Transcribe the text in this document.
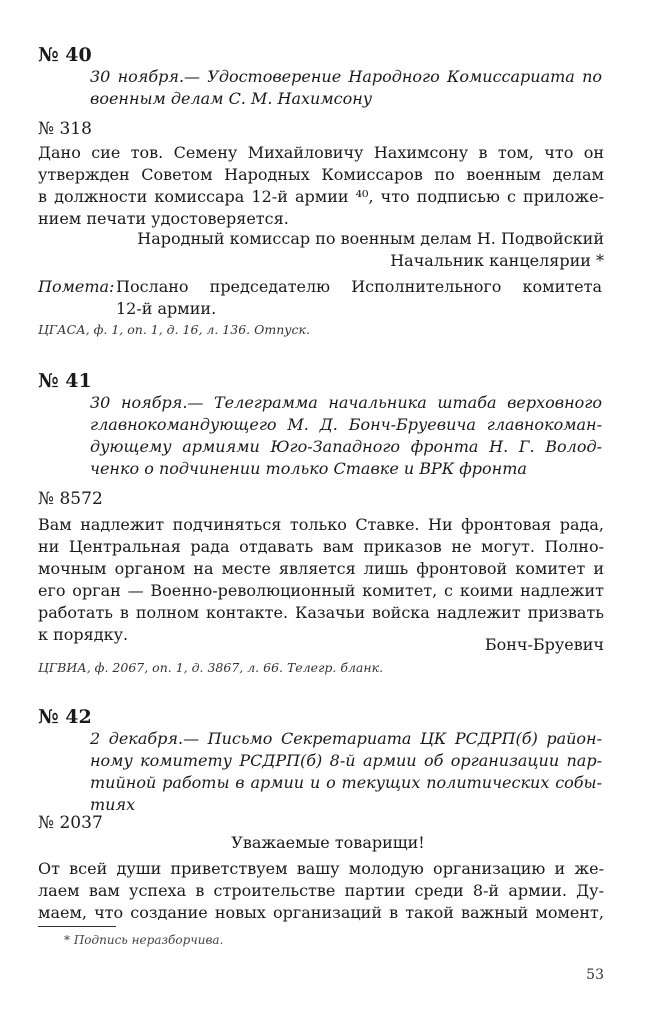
№ 40
30 ноября.— Удостоверение Народного Комиссариата по
военным делам С. М. Нахимсону
№ 318
Дано сие тов. Семену Михайловичу Нахимсону в том, что он
утвержден Советом Народных Комиссаров по военным делам
в должности комиссара 12-й армии ⁴⁰, что подписью с приложе-
нием печати удостоверяется.
Народный комиссар по военным делам Н. Подвойский
Начальник канцелярии *
Помета: Послано председателю Исполнительного комитета
12-й армии.
ЦГАСА, ф. 1, оп. 1, д. 16, л. 136. Отпуск.
№ 41
30 ноября.— Телеграмма начальника штаба верховного
главнокомандующего М. Д. Бонч-Бруевича главнокоман-
дующему армиями Юго-Западного фронта Н. Г. Волод-
ченко о подчинении только Ставке и ВРК фронта
№ 8572
Вам надлежит подчиняться только Ставке. Ни фронтовая рада,
ни Центральная рада отдавать вам приказов не могут. Полно-
мочным органом на месте является лишь фронтовой комитет и
его орган — Военно-революционный комитет, с коими надлежит
работать в полном контакте. Казачьи войска надлежит призвать
к порядку.
Бонч-Бруевич
ЦГВИА, ф. 2067, оп. 1, д. 3867, л. 66. Телегр. бланк.
№ 42
2 декабря.— Письмо Секретариата ЦК РСДРП(б) район-
ному комитету РСДРП(б) 8-й армии об организации пар-
тийной работы в армии и о текущих политических собы-
тиях
№ 2037
Уважаемые товарищи!
От всей души приветствуем вашу молодую организацию и же-
лаем вам успеха в строительстве партии среди 8-й армии. Ду-
маем, что создание новых организаций в такой важный момент,
* Подпись неразборчива.
53
